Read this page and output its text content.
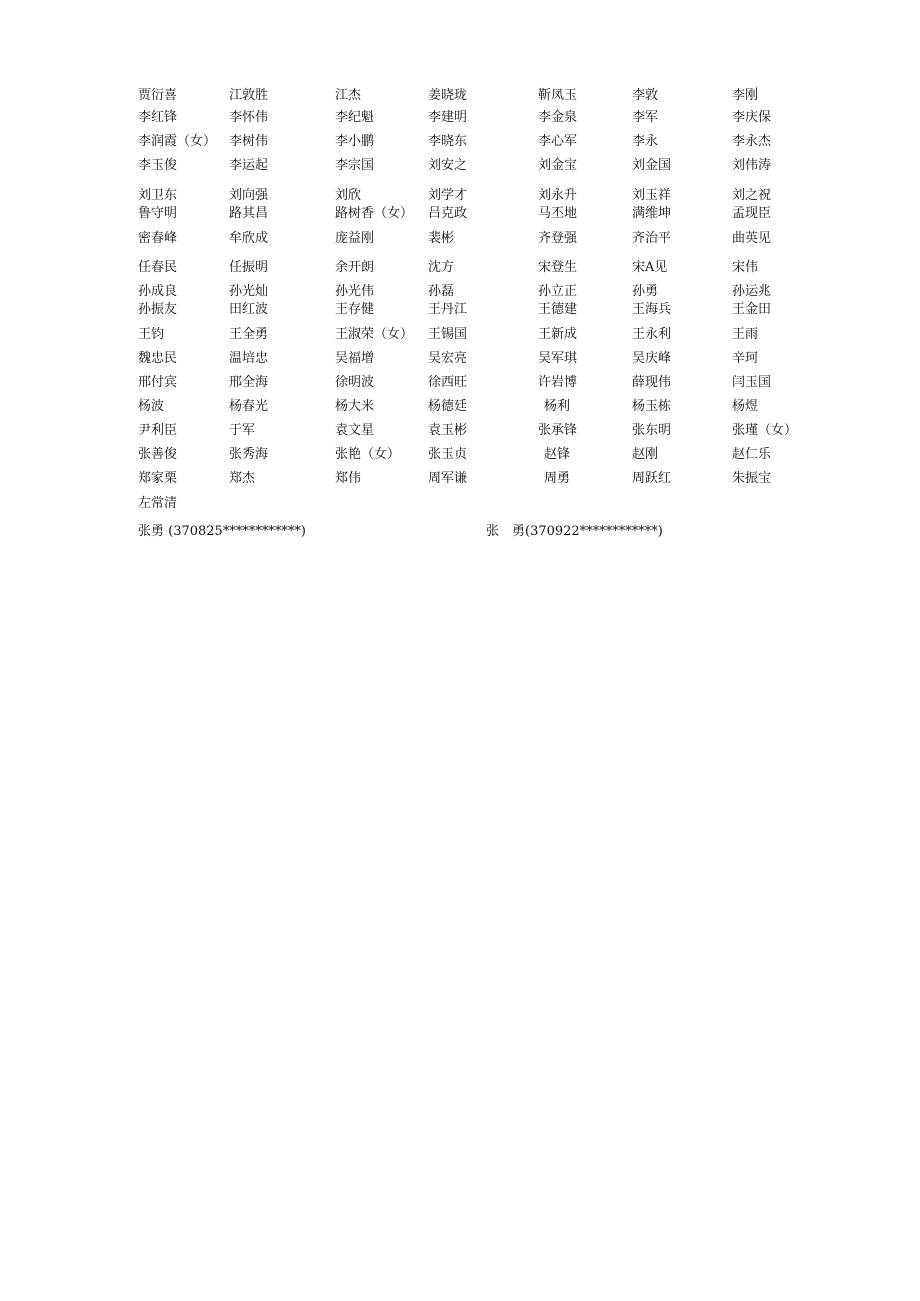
贾衍喜	江敦胜	江杰	姜晓珑	靳凤玉	李敦	李刚
李红锋	李怀伟	李纪魁	李建明	李金泉	李军	李庆保
李润霞（女） 李树伟	李小鹏	李晓东	李心军	李永	李永杰
李玉俊	李运起	李宗国	刘安之	刘金宝	刘金国	刘伟涛
刘卫东	刘向强	刘欣	刘学才	刘永升	刘玉祥	刘之祝
鲁守明	路其昌	路树香（女） 吕克政	马丕地	满维坤	孟现臣
密春峰	牟欣成	庞益刚	裴彬	齐登强	齐治平	曲英见
任春民	任振明	余开朗	沈方	宋登生	宋A见	宋伟
孙成良	孙光灿	孙光伟	孙磊	孙立正	孙勇	孙运兆
孙振友	田红波	王存健	王丹江	王德建	王海兵	王金田
王钧	王全勇	王淑荣（女） 王锡国	王新成	王永利	王雨
魏忠民	温培忠	吴福增	吴宏亮	吴军琪	吴庆峰	辛珂
邢付宾	邢全海	徐明波	徐西旺	许岩博	薛现伟	闫玉国
杨波	杨春光	杨大米	杨德廷	杨利	杨玉栋	杨煜
尹利臣	于军	袁文星	袁玉彬	张承锋	张东明	张瑾（女）
张善俊	张秀海	张艳（女） 张玉贞	赵锋	赵刚	赵仁乐
郑家栗	郑杰	郑伟	周军谦	周勇	周跃红	朱振宝
左常清
张勇 (370825************)	张　勇(370922************)
